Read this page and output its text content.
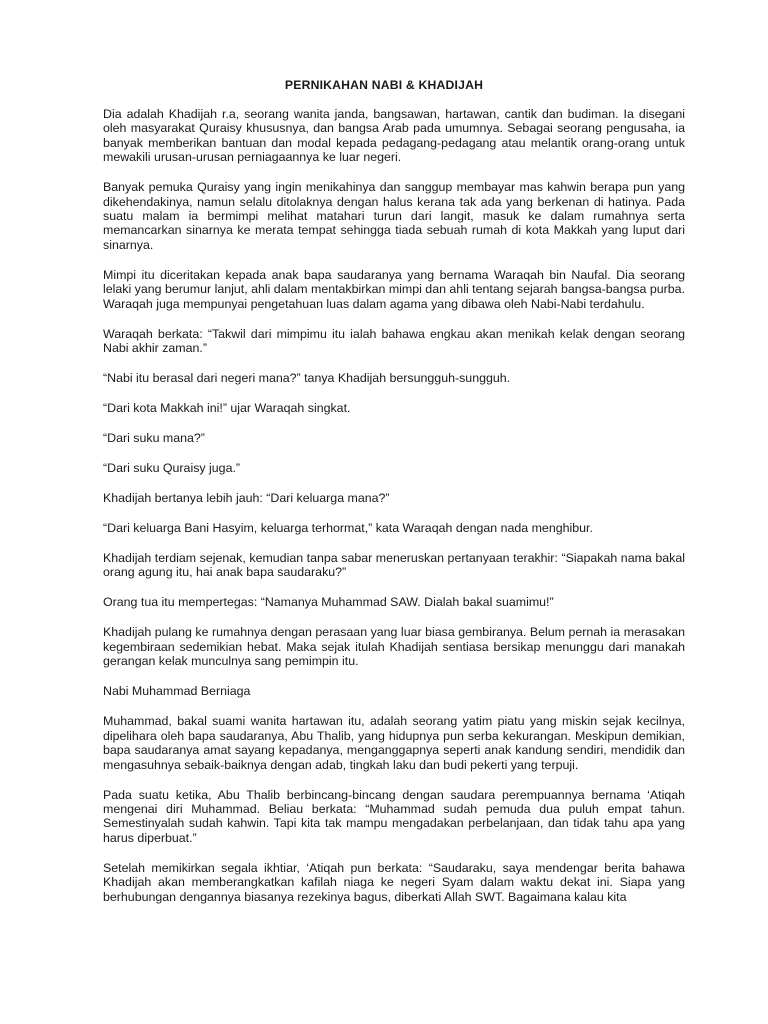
PERNIKAHAN NABI & KHADIJAH

Dia adalah Khadijah r.a, seorang wanita janda, bangsawan, hartawan, cantik dan budiman. Ia disegani oleh masyarakat Quraisy khususnya, dan bangsa Arab pada umumnya. Sebagai seorang pengusaha, ia banyak memberikan bantuan dan modal kepada pedagang-pedagang atau melantik orang-orang untuk mewakili urusan-urusan perniagaannya ke luar negeri.

Banyak pemuka Quraisy yang ingin menikahinya dan sanggup membayar mas kahwin berapa pun yang dikehendakinya, namun selalu ditolaknya dengan halus kerana tak ada yang berkenan di hatinya. Pada suatu malam ia bermimpi melihat matahari turun dari langit, masuk ke dalam rumahnya serta memancarkan sinarnya ke merata tempat sehingga tiada sebuah rumah di kota Makkah yang luput dari sinarnya.

Mimpi itu diceritakan kepada anak bapa saudaranya yang bernama Waraqah bin Naufal. Dia seorang lelaki yang berumur lanjut, ahli dalam mentakbirkan mimpi dan ahli tentang sejarah bangsa-bangsa purba. Waraqah juga mempunyai pengetahuan luas dalam agama yang dibawa oleh Nabi-Nabi terdahulu.

Waraqah berkata: “Takwil dari mimpimu itu ialah bahawa engkau akan menikah kelak dengan seorang Nabi akhir zaman.”

“Nabi itu berasal dari negeri mana?” tanya Khadijah bersungguh-sungguh.

“Dari kota Makkah ini!” ujar Waraqah singkat.

“Dari suku mana?”

“Dari suku Quraisy juga.”

Khadijah bertanya lebih jauh: “Dari keluarga mana?”

“Dari keluarga Bani Hasyim, keluarga terhormat,” kata Waraqah dengan nada menghibur.

Khadijah terdiam sejenak, kemudian tanpa sabar meneruskan pertanyaan terakhir: “Siapakah nama bakal orang agung itu, hai anak bapa saudaraku?”

Orang tua itu mempertegas: “Namanya Muhammad SAW. Dialah bakal suamimu!”

Khadijah pulang ke rumahnya dengan perasaan yang luar biasa gembiranya. Belum pernah ia merasakan kegembiraan sedemikian hebat. Maka sejak itulah Khadijah sentiasa bersikap menunggu dari manakah gerangan kelak munculnya sang pemimpin itu.

Nabi Muhammad Berniaga

Muhammad, bakal suami wanita hartawan itu, adalah seorang yatim piatu yang miskin sejak kecilnya, dipelihara oleh bapa saudaranya, Abu Thalib, yang hidupnya pun serba kekurangan. Meskipun demikian, bapa saudaranya amat sayang kepadanya, menganggapnya seperti anak kandung sendiri, mendidik dan mengasuhnya sebaik-baiknya dengan adab, tingkah laku dan budi pekerti yang terpuji.

Pada suatu ketika, Abu Thalib berbincang-bincang dengan saudara perempuannya bernama ‘Atiqah mengenai diri Muhammad. Beliau berkata: “Muhammad sudah pemuda dua puluh empat tahun. Semestinyalah sudah kahwin. Tapi kita tak mampu mengadakan perbelanjaan, dan tidak tahu apa yang harus diperbuat.”

Setelah memikirkan segala ikhtiar, ‘Atiqah pun berkata: “Saudaraku, saya mendengar berita bahawa Khadijah akan memberangkatkan kafilah niaga ke negeri Syam dalam waktu dekat ini. Siapa yang berhubungan dengannya biasanya rezekinya bagus, diberkati Allah SWT. Bagaimana kalau kita
